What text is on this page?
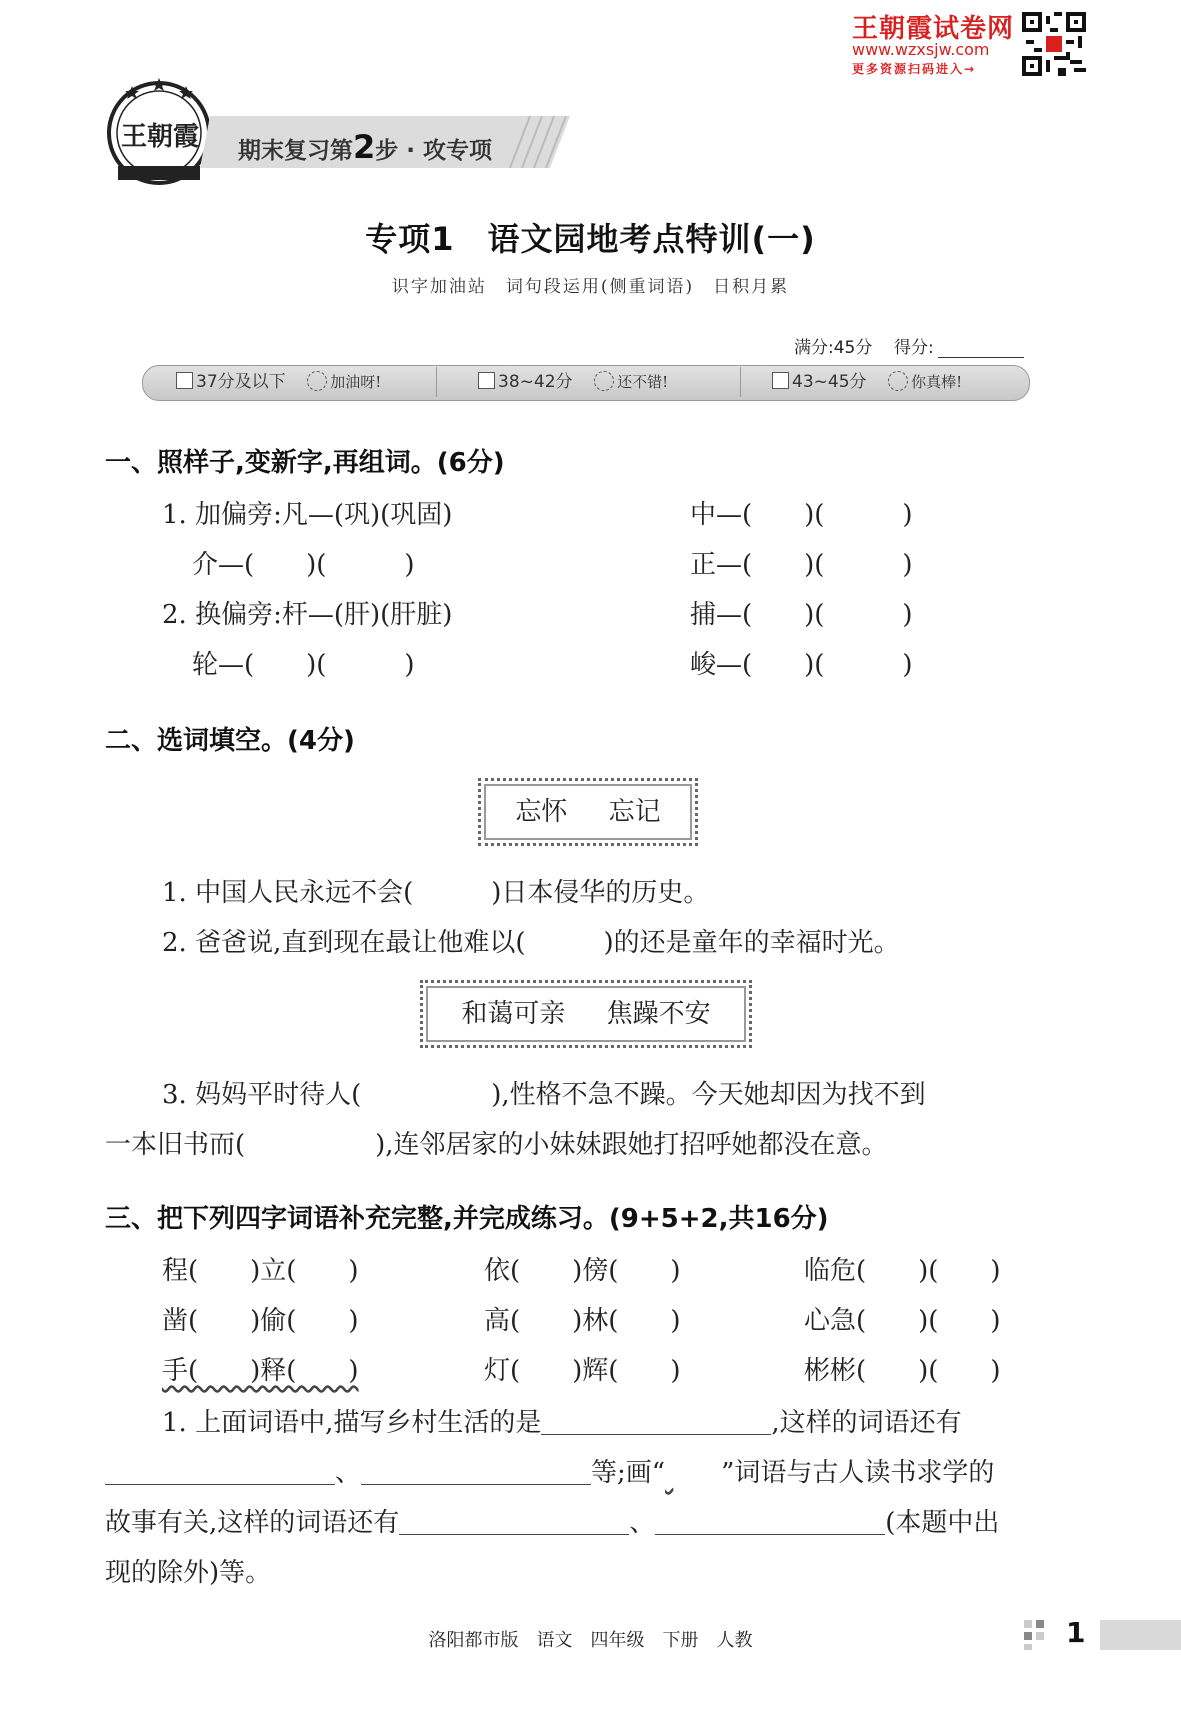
王朝霞试卷网
www.wzxsjw.com
更多资源扫码进入→
王朝霞	期末复习第2步 · 攻专项
专项1　语文园地考点特训(一)
识字加油站　词句段运用(侧重词语)　日积月累
满分:45分 得分:
37分及以下	加油呀!	38~42分	还不错!	43~45分	你真棒!
一、照样子,变新字,再组词。(6分)
1. 加偏旁:凡—(巩)(巩固)	中—(　　)(　　　)
介—(　　)(　　　)	正—(　　)(　　　)
2. 换偏旁:杆—(肝)(肝脏)	捕—(　　)(　　　)
轮—(　　)(　　　)	峻—(　　)(　　　)
二、选词填空。(4分)
忘怀 忘记
1. 中国人民永远不会(　　　)日本侵华的历史。
2. 爸爸说,直到现在最让他难以(　　　)的还是童年的幸福时光。
和蔼可亲 焦躁不安
3. 妈妈平时待人(　　　　　),性格不急不躁。今天她却因为找不到
一本旧书而(　　　　　),连邻居家的小妹妹跟她打招呼她都没在意。
三、把下列四字词语补充完整,并完成练习。(9+5+2,共16分)
程(　　)立(　　)	依(　　)傍(　　)	临危(　　)(　　)
凿(　　)偷(　　)	高(　　)林(　　)	心急(　　)(　　)
手(　　)释(　　)	灯(　　)辉(　　)	彬彬(　　)(　　)
1. 上面词语中,描写乡村生活的是	,这样的词语还有
、	等;画“ ”词语与古人读书求学的
故事有关,这样的词语还有	、	(本题中出
现的除外)等。
洛阳都市版　语文　四年级　下册　人教	1
